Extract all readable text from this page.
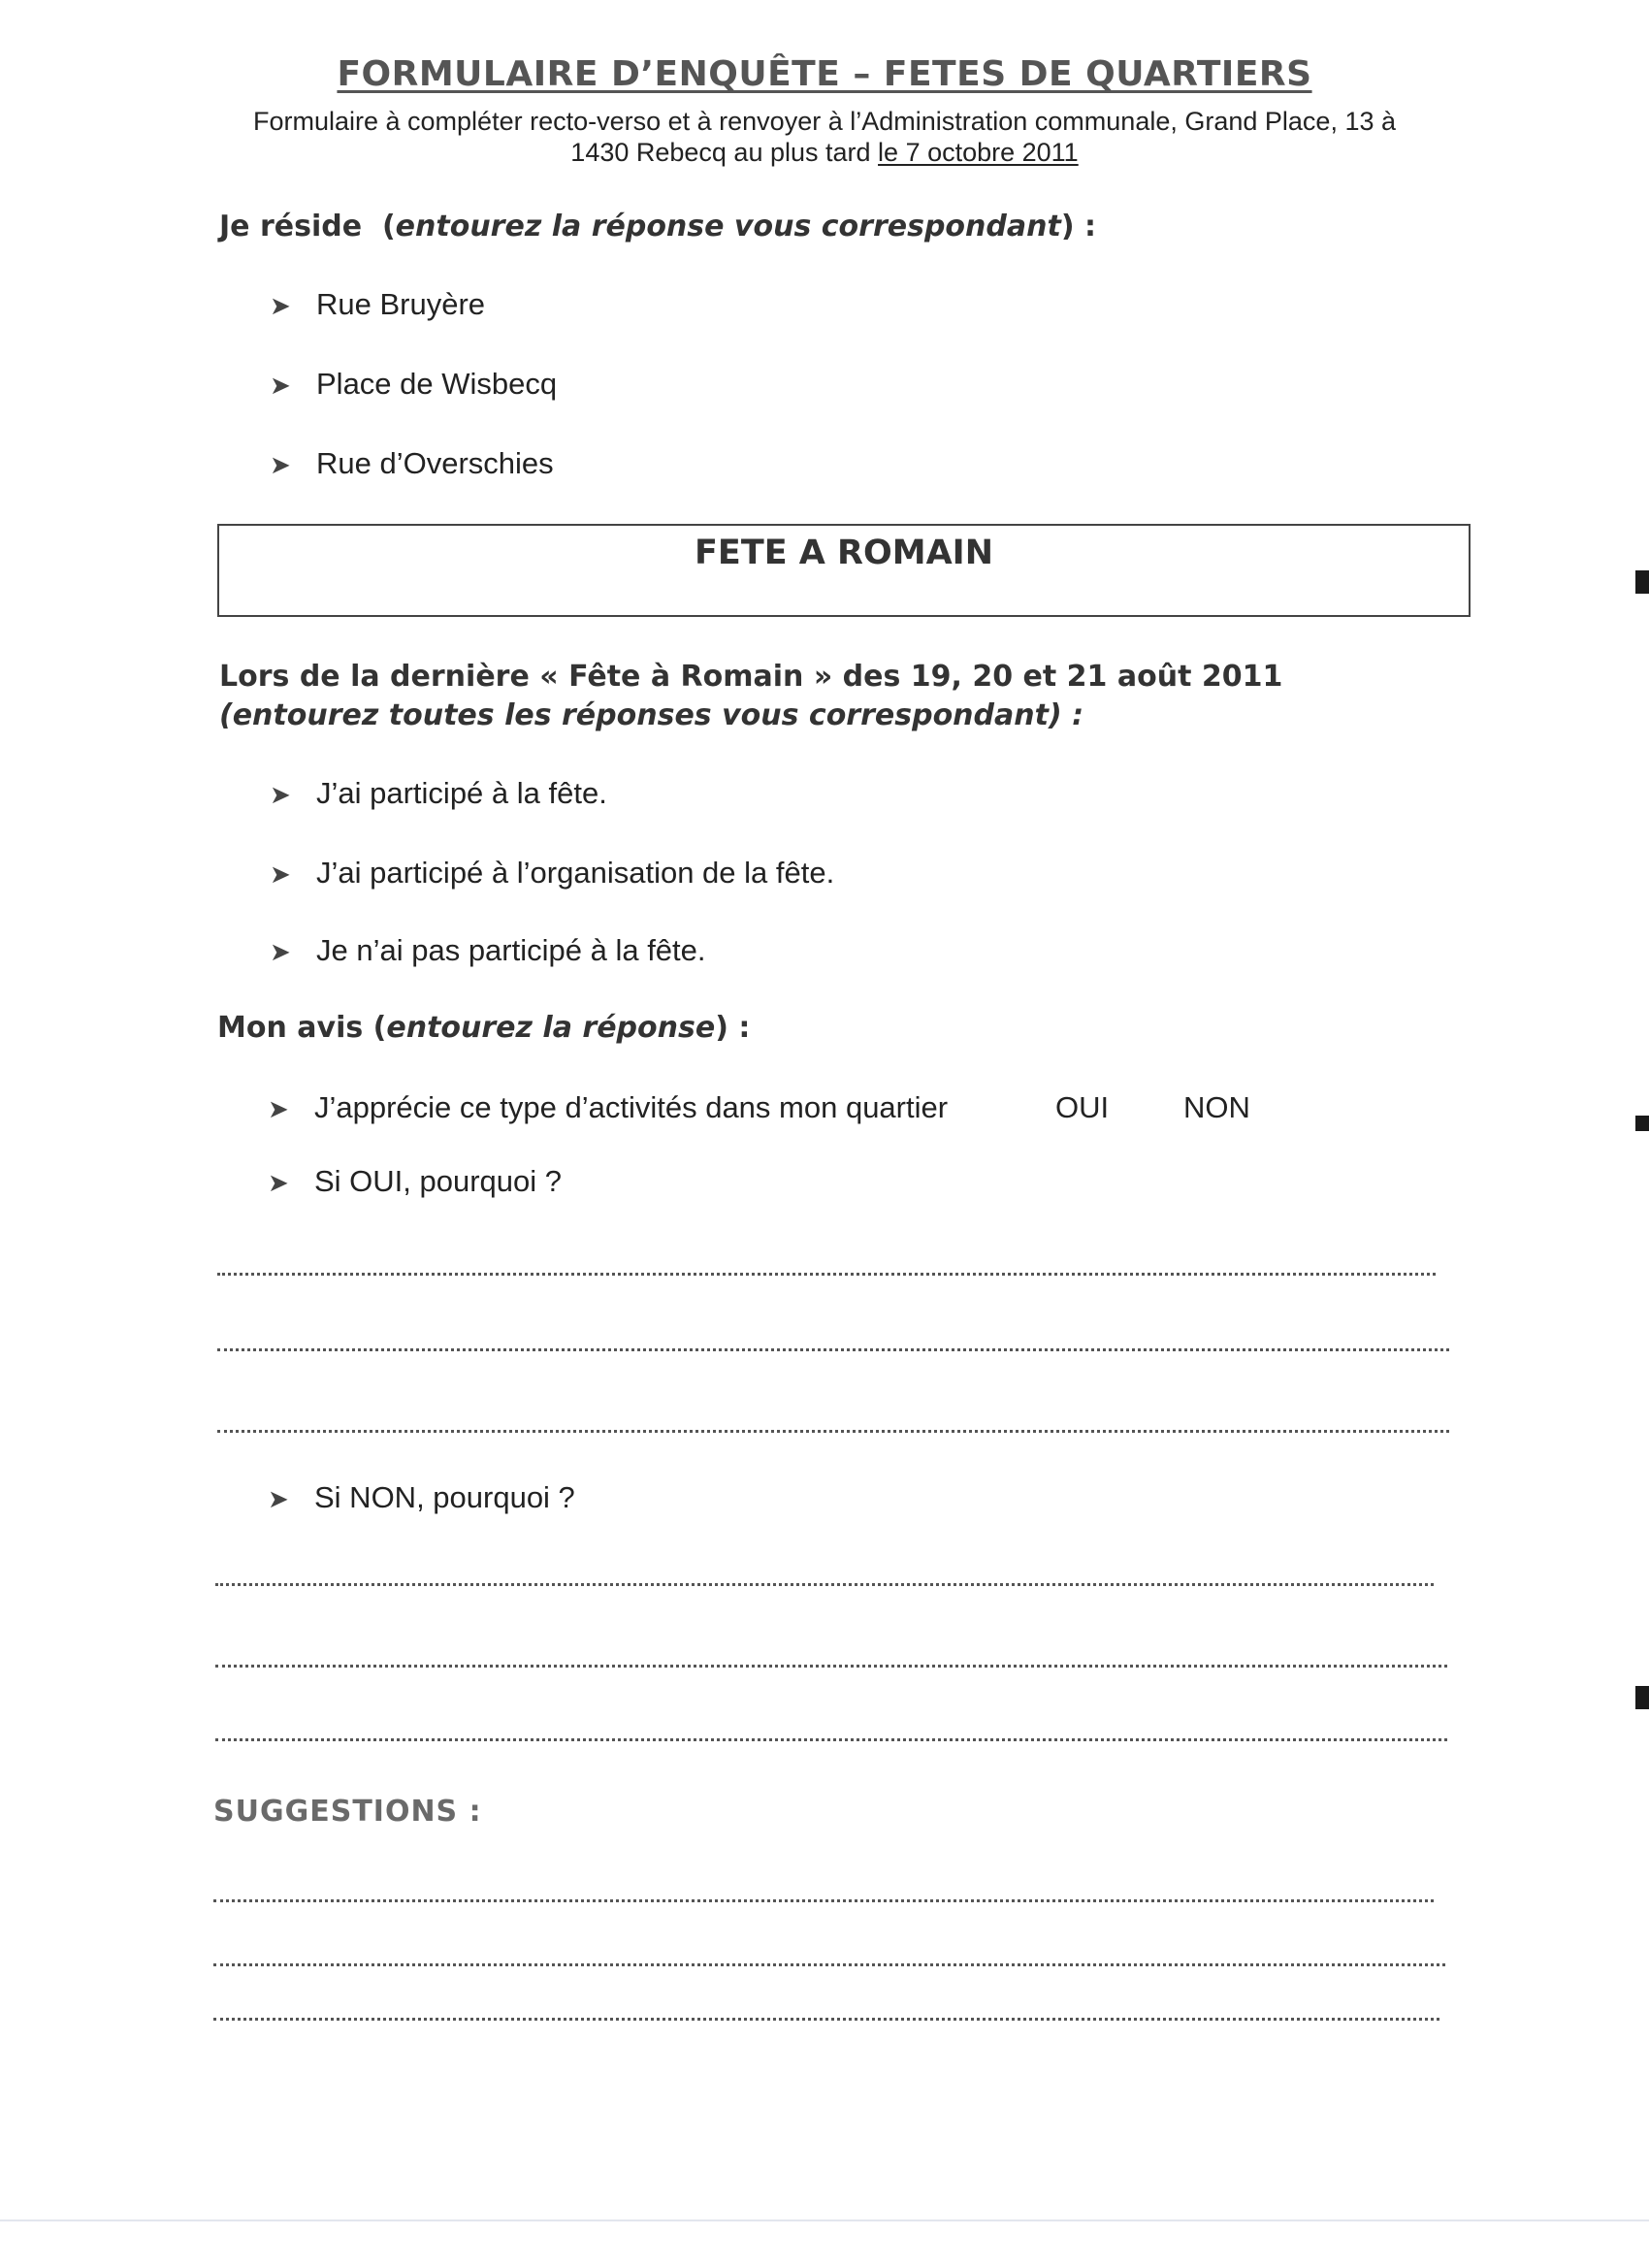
FORMULAIRE D’ENQUÊTE – FETES DE QUARTIERS
Formulaire à compléter recto-verso et à renvoyer à l’Administration communale, Grand Place, 13 à
1430 Rebecq au plus tard le 7 octobre 2011
Je réside  (entourez la réponse vous correspondant) :
➤ Rue Bruyère
➤ Place de Wisbecq
➤ Rue d’Overschies
FETE A ROMAIN
Lors de la dernière « Fête à Romain » des 19, 20 et 21 août 2011
(entourez toutes les réponses vous correspondant) :
➤ J’ai participé à la fête.
➤ J’ai participé à l’organisation de la fête.
➤ Je n’ai pas participé à la fête.
Mon avis (entourez la réponse) :
➤ J’apprécie ce type d’activités dans mon quartier	OUI NON
➤ Si OUI, pourquoi ?
➤ Si NON, pourquoi ?
SUGGESTIONS :
